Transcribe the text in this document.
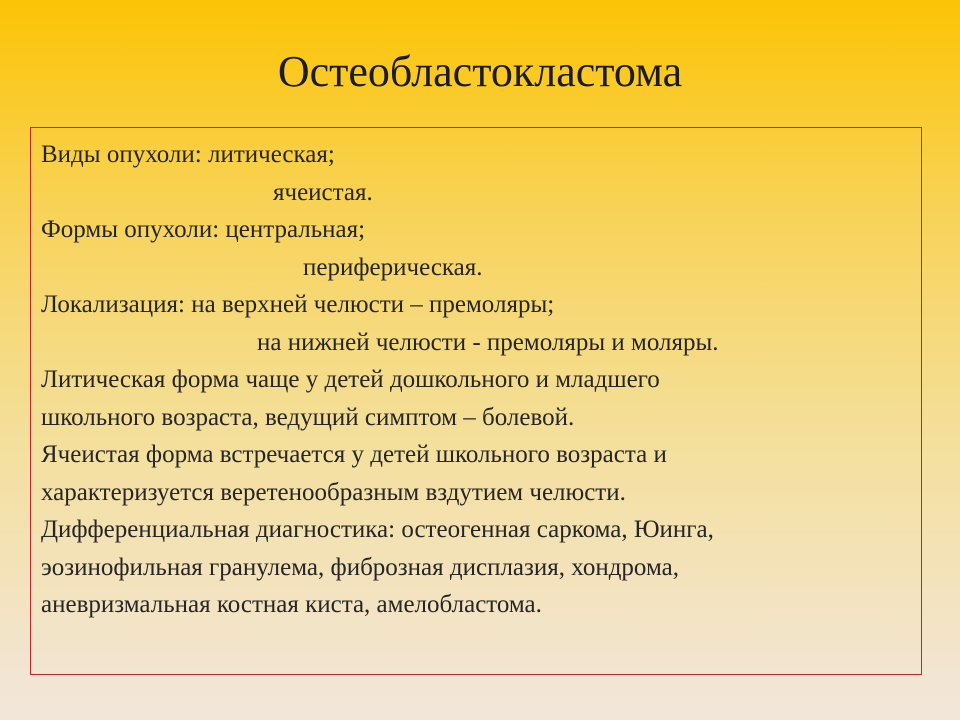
Остеобластокластома
Виды опухоли: литическая;
ячеистая.
Формы опухоли: центральная;
периферическая.
Локализация: на верхней челюсти – премоляры;
на нижней челюсти - премоляры и моляры.
Литическая форма чаще у детей дошкольного и младшего
школьного возраста, ведущий симптом – болевой.
Ячеистая форма встречается у детей школьного возраста и
характеризуется веретенообразным вздутием челюсти.
Дифференциальная диагностика: остеогенная саркома, Юинга,
эозинофильная гранулема, фиброзная дисплазия, хондрома,
аневризмальная костная киста, амелобластома.
